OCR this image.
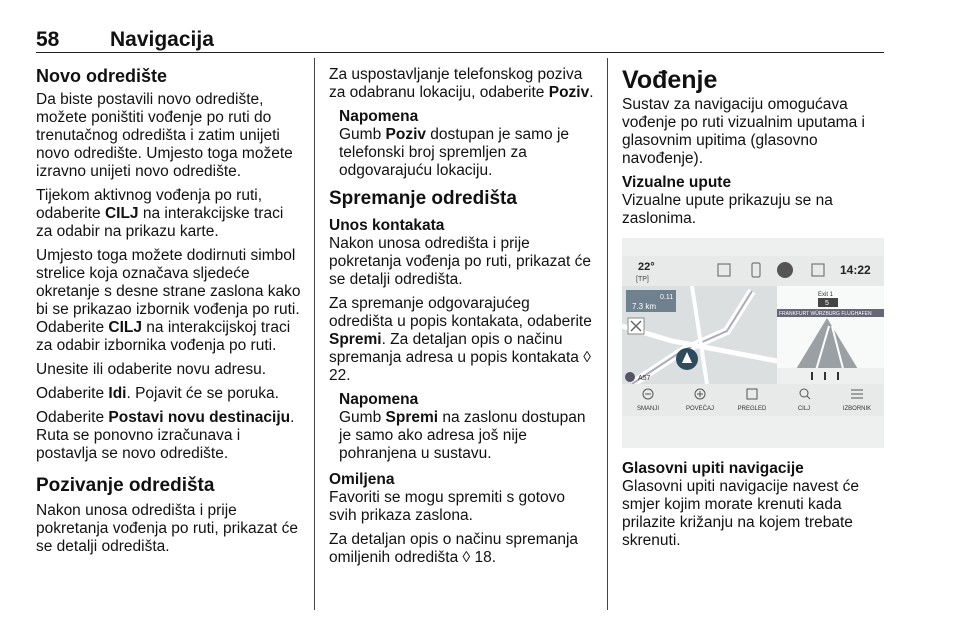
58 Navigacija
Novo odredište

Da biste postavili novo odredište, možete poništiti vođenje po ruti do trenutačnog odredišta i zatim unijeti novo odredište. Umjesto toga možete izravno unijeti novo odredište.

Tijekom aktivnog vođenja po ruti, odaberite CILJ na interakcijske traci za odabir na prikazu karte.

Umjesto toga možete dodirnuti simbol strelice koja označava sljedeće okretanje s desne strane zaslona kako bi se prikazao izbornik vođenja po ruti. Odaberite CILJ na interakcijskoj traci za odabir izbornika vođenja po ruti.

Unesite ili odaberite novu adresu.

Odaberite Idi. Pojavit će se poruka.

Odaberite Postavi novu destinaciju. Ruta se ponovno izračunava i postavlja se novo odredište.

Pozivanje odredišta

Nakon unosa odredišta i prije pokretanja vođenja po ruti, prikazat će se detalji odredišta.

Za uspostavljanje telefonskog poziva za odabranu lokaciju, odaberite Poziv.

Napomena

Gumb Poziv dostupan je samo je telefonski broj spremljen za odgovarajuću lokaciju.

Spremanje odredišta

Unos kontakata

Nakon unosa odredišta i prije pokretanja vođenja po ruti, prikazat će se detalji odredišta.

Za spremanje odgovarajućeg odredišta u popis kontakata, odaberite Spremi. Za detaljan opis o načinu spremanja adresa u popis kontakata ◊ 22.

Napomena

Gumb Spremi na zaslonu dostupan je samo ako adresa još nije pohranjena u sustavu.

Omiljena

Favoriti se mogu spremiti s gotovo svih prikaza zaslona.

Za detaljan opis o načinu spremanja omiljenih odredišta ◊ 18.

Vođenje

Sustav za navigaciju omogućava vođenje po ruti vizualnim uputama i glasovnim upitima (glasovno navođenje).

Vizualne upute

Vizualne upute prikazuju se na zaslonima.

22°
[TP]
14:22
0.11
7.3 km
A57
Exit 1
5
FRANKFURT WÜRZBURG FLUGHAFEN
SMANJI	POVEĆAJ	PREGLED	CILJ	IZBORNIK

Glasovni upiti navigacije

Glasovni upiti navigacije navest će smjer kojim morate krenuti kada prilazite križanju na kojem trebate skrenuti.
